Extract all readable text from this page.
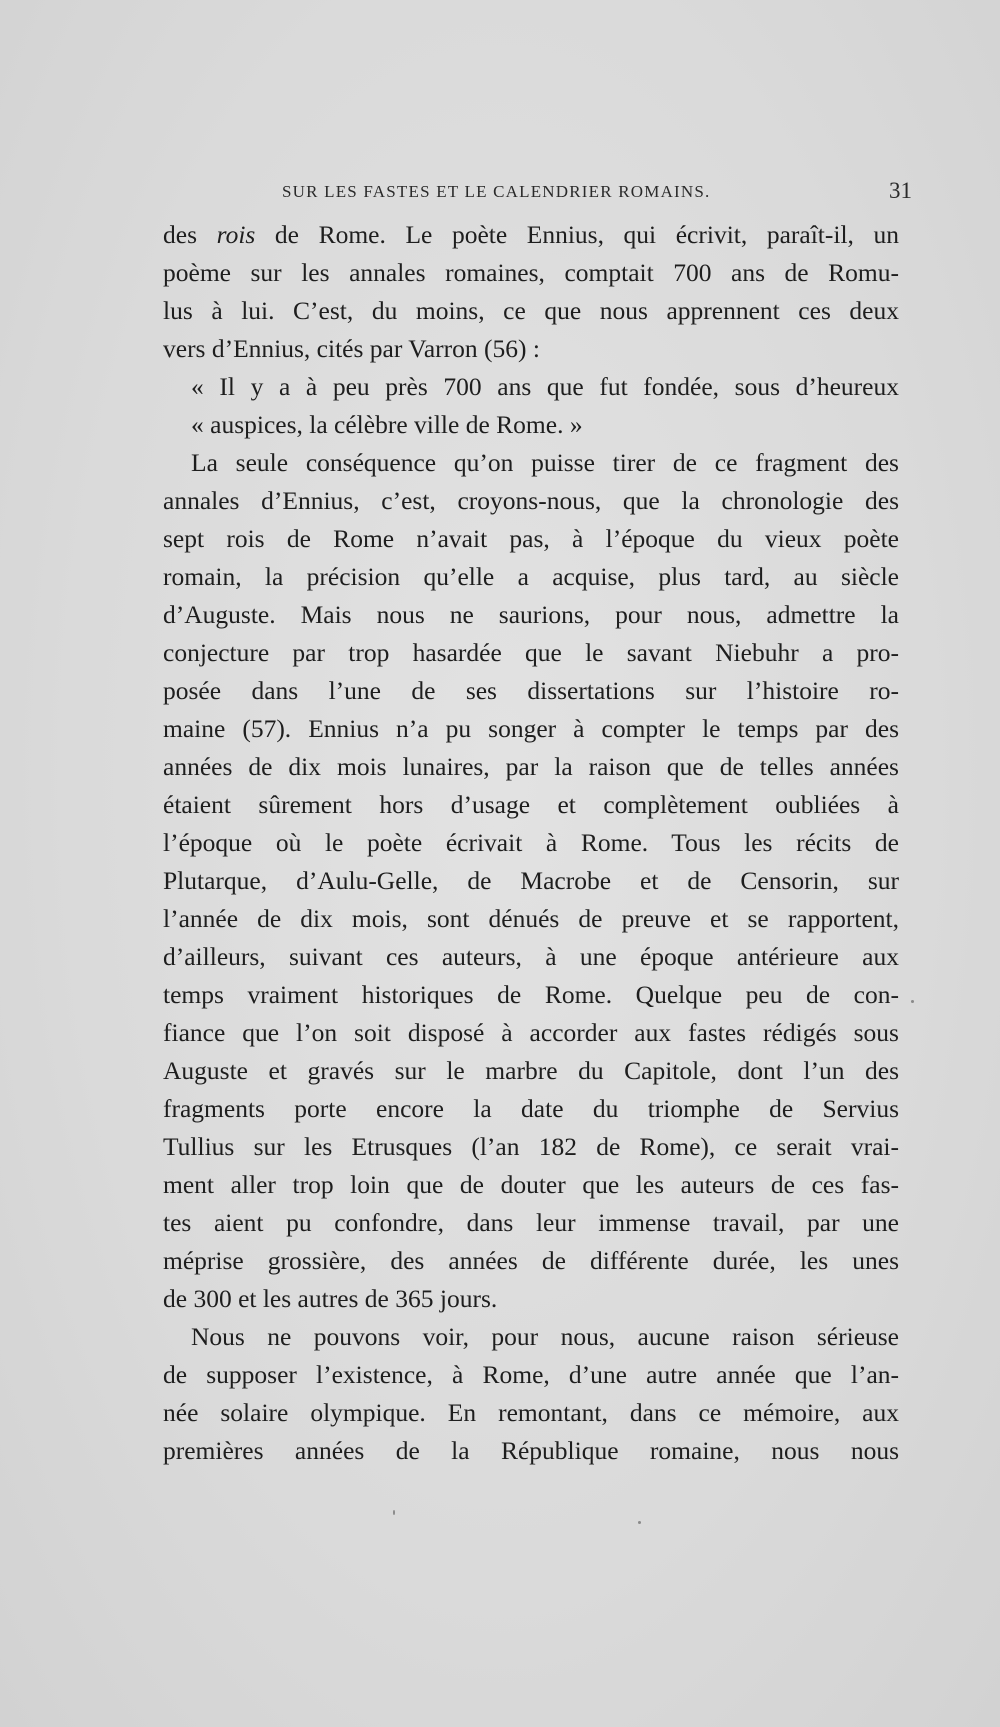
SUR LES FASTES ET LE CALENDRIER ROMAINS.	31
des rois de Rome. Le poète Ennius, qui écrivit, paraît-il, un
poème sur les annales romaines, comptait 700 ans de Romu-
lus à lui. C’est, du moins, ce que nous apprennent ces deux
vers d’Ennius, cités par Varron (56) :
« Il y a à peu près 700 ans que fut fondée, sous d’heureux
« auspices, la célèbre ville de Rome. »
La seule conséquence qu’on puisse tirer de ce fragment des
annales d’Ennius, c’est, croyons-nous, que la chronologie des
sept rois de Rome n’avait pas, à l’époque du vieux poète
romain, la précision qu’elle a acquise, plus tard, au siècle
d’Auguste. Mais nous ne saurions, pour nous, admettre la
conjecture par trop hasardée que le savant Niebuhr a pro-
posée dans l’une de ses dissertations sur l’histoire ro-
maine (57). Ennius n’a pu songer à compter le temps par des
années de dix mois lunaires, par la raison que de telles années
étaient sûrement hors d’usage et complètement oubliées à
l’époque où le poète écrivait à Rome. Tous les récits de
Plutarque, d’Aulu-Gelle, de Macrobe et de Censorin, sur
l’année de dix mois, sont dénués de preuve et se rapportent,
d’ailleurs, suivant ces auteurs, à une époque antérieure aux
temps vraiment historiques de Rome. Quelque peu de con-
fiance que l’on soit disposé à accorder aux fastes rédigés sous
Auguste et gravés sur le marbre du Capitole, dont l’un des
fragments porte encore la date du triomphe de Servius
Tullius sur les Etrusques (l’an 182 de Rome), ce serait vrai-
ment aller trop loin que de douter que les auteurs de ces fas-
tes aient pu confondre, dans leur immense travail, par une
méprise grossière, des années de différente durée, les unes
de 300 et les autres de 365 jours.
Nous ne pouvons voir, pour nous, aucune raison sérieuse
de supposer l’existence, à Rome, d’une autre année que l’an-
née solaire olympique. En remontant, dans ce mémoire, aux
premières années de la République romaine, nous nous
